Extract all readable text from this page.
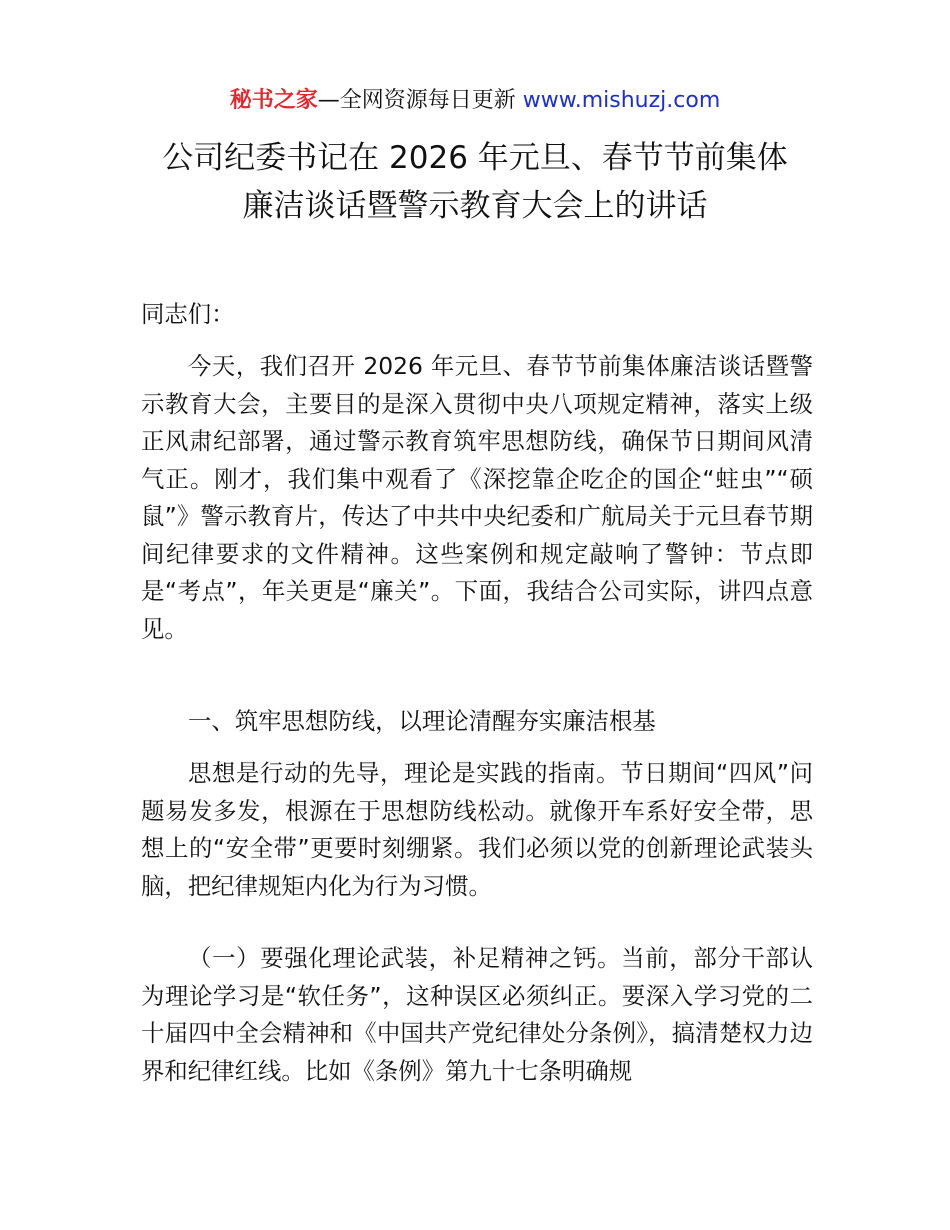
秘书之家—全网资源每日更新 www.mishuzj.com
公司纪委书记在 2026 年元旦、春节节前集体
廉洁谈话暨警示教育大会上的讲话
同志们：
今天，我们召开 2026 年元旦、春节节前集体廉洁谈话暨警示教育大会，主要目的是深入贯彻中央八项规定精神，落实上级正风肃纪部署，通过警示教育筑牢思想防线，确保节日期间风清气正。刚才，我们集中观看了《深挖靠企吃企的国企“蛀虫”“硕鼠”》警示教育片，传达了中共中央纪委和广航局关于元旦春节期间纪律要求的文件精神。这些案例和规定敲响了警钟：节点即是“考点”，年关更是“廉关”。下面，我结合公司实际，讲四点意见。
一、筑牢思想防线，以理论清醒夯实廉洁根基
思想是行动的先导，理论是实践的指南。节日期间“四风”问题易发多发，根源在于思想防线松动。就像开车系好安全带，思想上的“安全带”更要时刻绷紧。我们必须以党的创新理论武装头脑，把纪律规矩内化为行为习惯。
（一）要强化理论武装，补足精神之钙。当前，部分干部认为理论学习是“软任务”，这种误区必须纠正。要深入学习党的二十届四中全会精神和《中国共产党纪律处分条例》，搞清楚权力边界和纪律红线。比如《条例》第九十七条明确规
